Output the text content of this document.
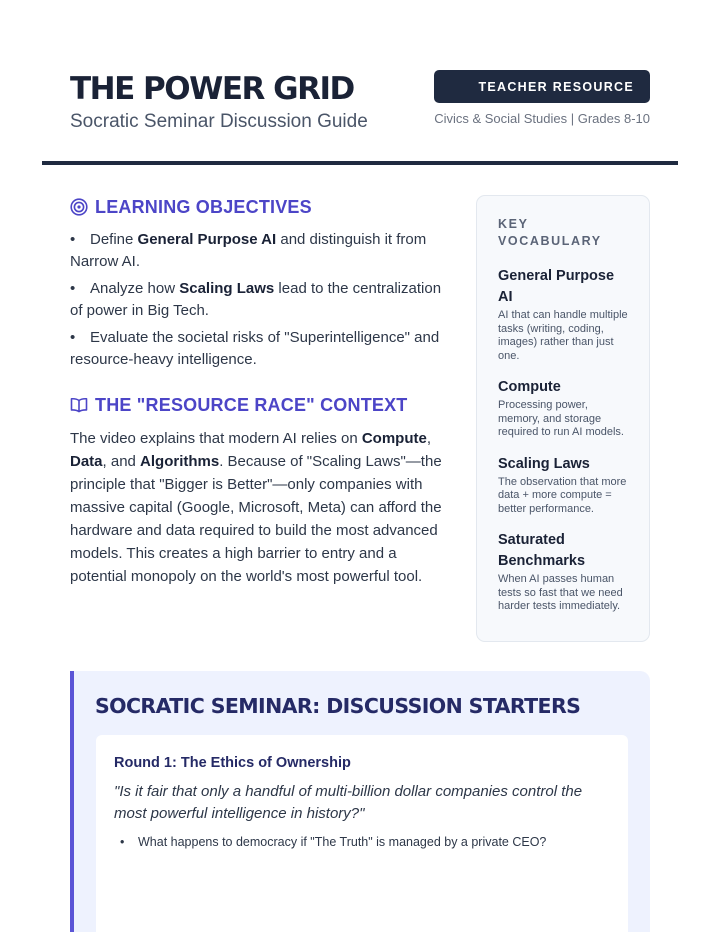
THE POWER GRID
Socratic Seminar Discussion Guide
TEACHER RESOURCE
Civics & Social Studies | Grades 8-10
LEARNING OBJECTIVES
• Define General Purpose AI and distinguish it from Narrow AI.
• Analyze how Scaling Laws lead to the centralization of power in Big Tech.
• Evaluate the societal risks of "Superintelligence" and resource-heavy intelligence.
THE "RESOURCE RACE" CONTEXT

The video explains that modern AI relies on Compute, Data, and Algorithms. Because of "Scaling Laws"—the principle that "Bigger is Better"—only companies with massive capital (Google, Microsoft, Meta) can afford the hardware and data required to build the most advanced models. This creates a high barrier to entry and a potential monopoly on the world's most powerful tool.

KEY VOCABULARY
General Purpose AI
AI that can handle multiple tasks (writing, coding, images) rather than just one.
Compute
Processing power, memory, and storage required to run AI models.
Scaling Laws
The observation that more data + more compute = better performance.
Saturated Benchmarks
When AI passes human tests so fast that we need harder tests immediately.
SOCRATIC SEMINAR: DISCUSSION STARTERS
Round 1: The Ethics of Ownership
"Is it fair that only a handful of multi-billion dollar companies control the most powerful intelligence in history?"
• What happens to democracy if "The Truth" is managed by a private CEO?
